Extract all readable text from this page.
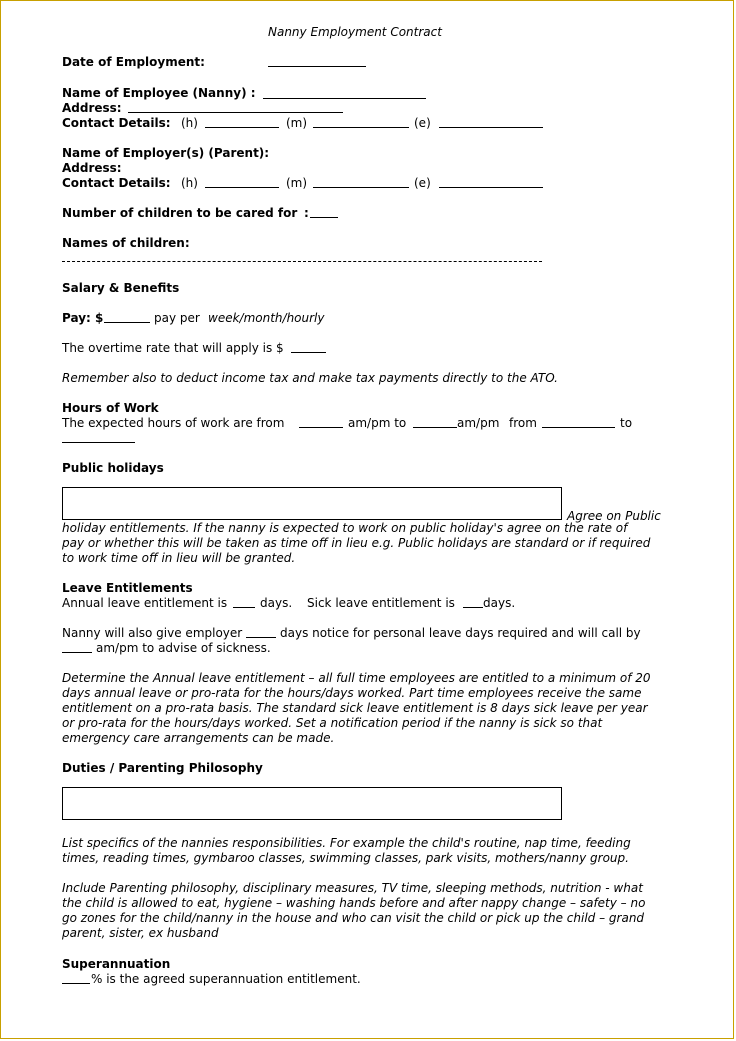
Nanny Employment Contract
Date of Employment:
Name of Employee (Nanny) :
Address:
Contact Details: (h)	(m)	(e)
Name of Employer(s) (Parent):
Address:
Contact Details: (h)	(m)	(e)
Number of children to be cared for :
Names of children:
Salary & Benefits
Pay: $	pay per week/month/hourly
The overtime rate that will apply is $
Remember also to deduct income tax and make tax payments directly to the ATO.
Hours of Work
The expected hours of work are from	am/pm to	am/pm from	to
Public holidays
Agree on Public
holiday entitlements. If the nanny is expected to work on public holiday's agree on the rate of
pay or whether this will be taken as time off in lieu e.g. Public holidays are standard or if required
to work time off in lieu will be granted.
Leave Entitlements
Annual leave entitlement is	days. Sick leave entitlement is days.
Nanny will also give employer	days notice for personal leave days required and will call by
am/pm to advise of sickness.
Determine the Annual leave entitlement – all full time employees are entitled to a minimum of 20
days annual leave or pro-rata for the hours/days worked. Part time employees receive the same
entitlement on a pro-rata basis. The standard sick leave entitlement is 8 days sick leave per year
or pro-rata for the hours/days worked. Set a notification period if the nanny is sick so that
emergency care arrangements can be made.
Duties / Parenting Philosophy
List specifics of the nannies responsibilities. For example the child's routine, nap time, feeding
times, reading times, gymbaroo classes, swimming classes, park visits, mothers/nanny group.
Include Parenting philosophy, disciplinary measures, TV time, sleeping methods, nutrition - what
the child is allowed to eat, hygiene – washing hands before and after nappy change – safety – no
go zones for the child/nanny in the house and who can visit the child or pick up the child – grand
parent, sister, ex husband
Superannuation
% is the agreed superannuation entitlement.
